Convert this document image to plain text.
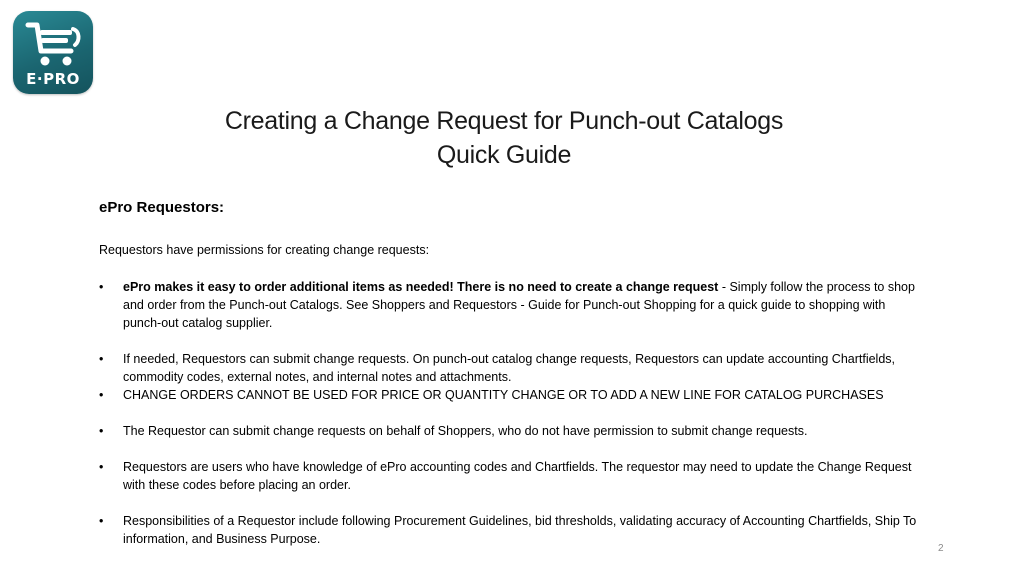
E·PRO
Creating a Change Request for Punch-out Catalogs
Quick Guide
ePro Requestors:
Requestors have permissions for creating change requests:
• ePro makes it easy to order additional items as needed! There is no need to create a change request - Simply follow the process to shop and order from the Punch-out Catalogs. See Shoppers and Requestors - Guide for Punch-out Shopping for a quick guide to shopping with punch-out catalog supplier.
• If needed, Requestors can submit change requests. On punch-out catalog change requests, Requestors can update accounting Chartfields, commodity codes, external notes, and internal notes and attachments.
• CHANGE ORDERS CANNOT BE USED FOR PRICE OR QUANTITY CHANGE OR TO ADD A NEW LINE FOR CATALOG PURCHASES
• The Requestor can submit change requests on behalf of Shoppers, who do not have permission to submit change requests.
• Requestors are users who have knowledge of ePro accounting codes and Chartfields. The requestor may need to update the Change Request with these codes before placing an order.
• Responsibilities of a Requestor include following Procurement Guidelines, bid thresholds, validating accuracy of Accounting Chartfields, Ship To information, and Business Purpose.
2
